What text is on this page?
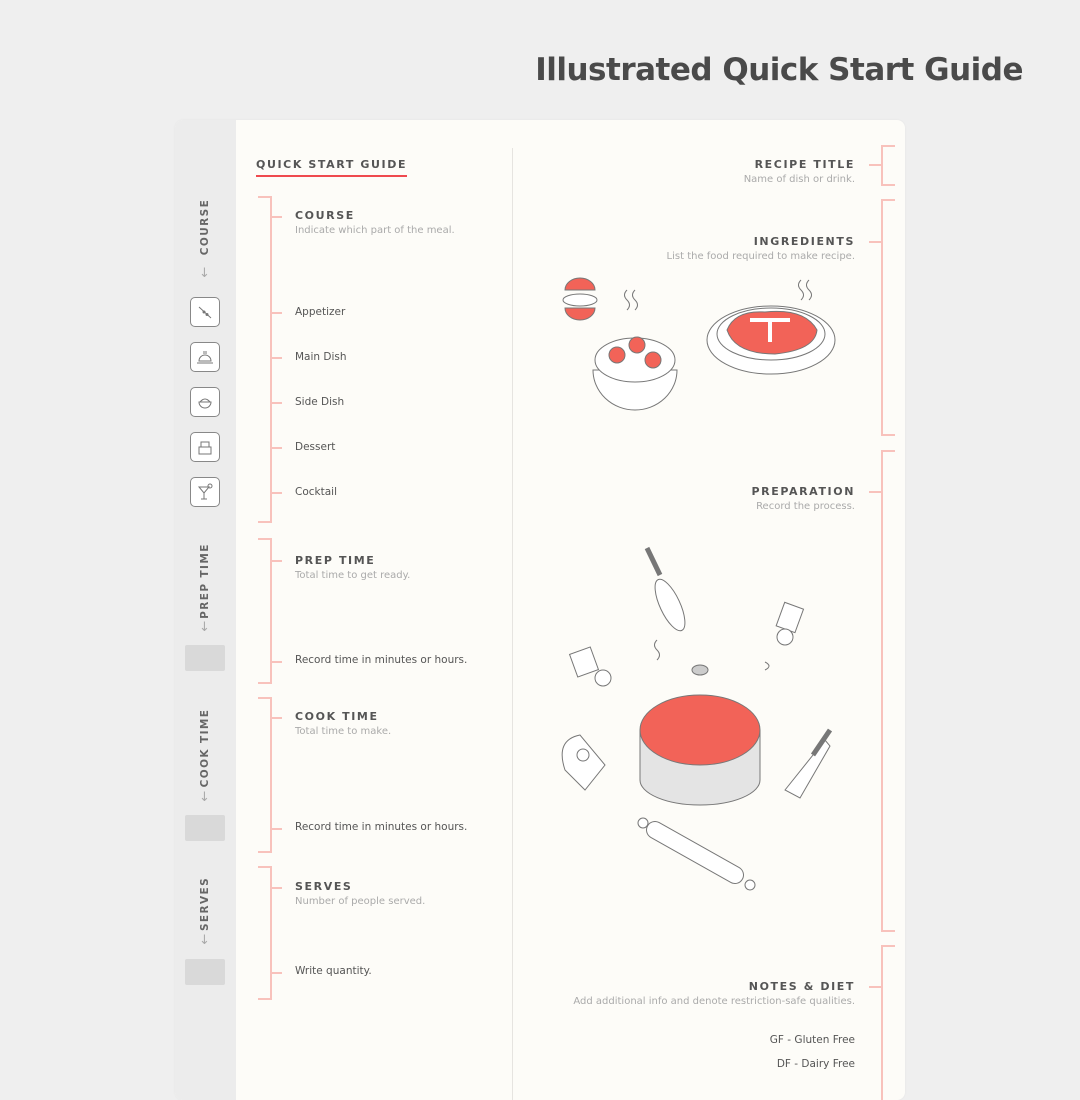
Illustrated Quick Start Guide
COURSE
↓
PREP TIME
↓
COOK TIME
↓
SERVES
↓
QUICK START GUIDE
COURSE
Indicate which part of the meal.
Appetizer
Main Dish
Side Dish
Dessert
Cocktail
PREP TIME
Total time to get ready.
Record time in minutes or hours.
COOK TIME
Total time to make.
Record time in minutes or hours.
SERVES
Number of people served.
Write quantity.
RECIPE TITLE
Name of dish or drink.
INGREDIENTS
List the food required to make recipe.
PREPARATION
Record the process.
NOTES & DIET
Add additional info and denote restriction-safe qualities.
GF - Gluten Free
DF - Dairy Free
